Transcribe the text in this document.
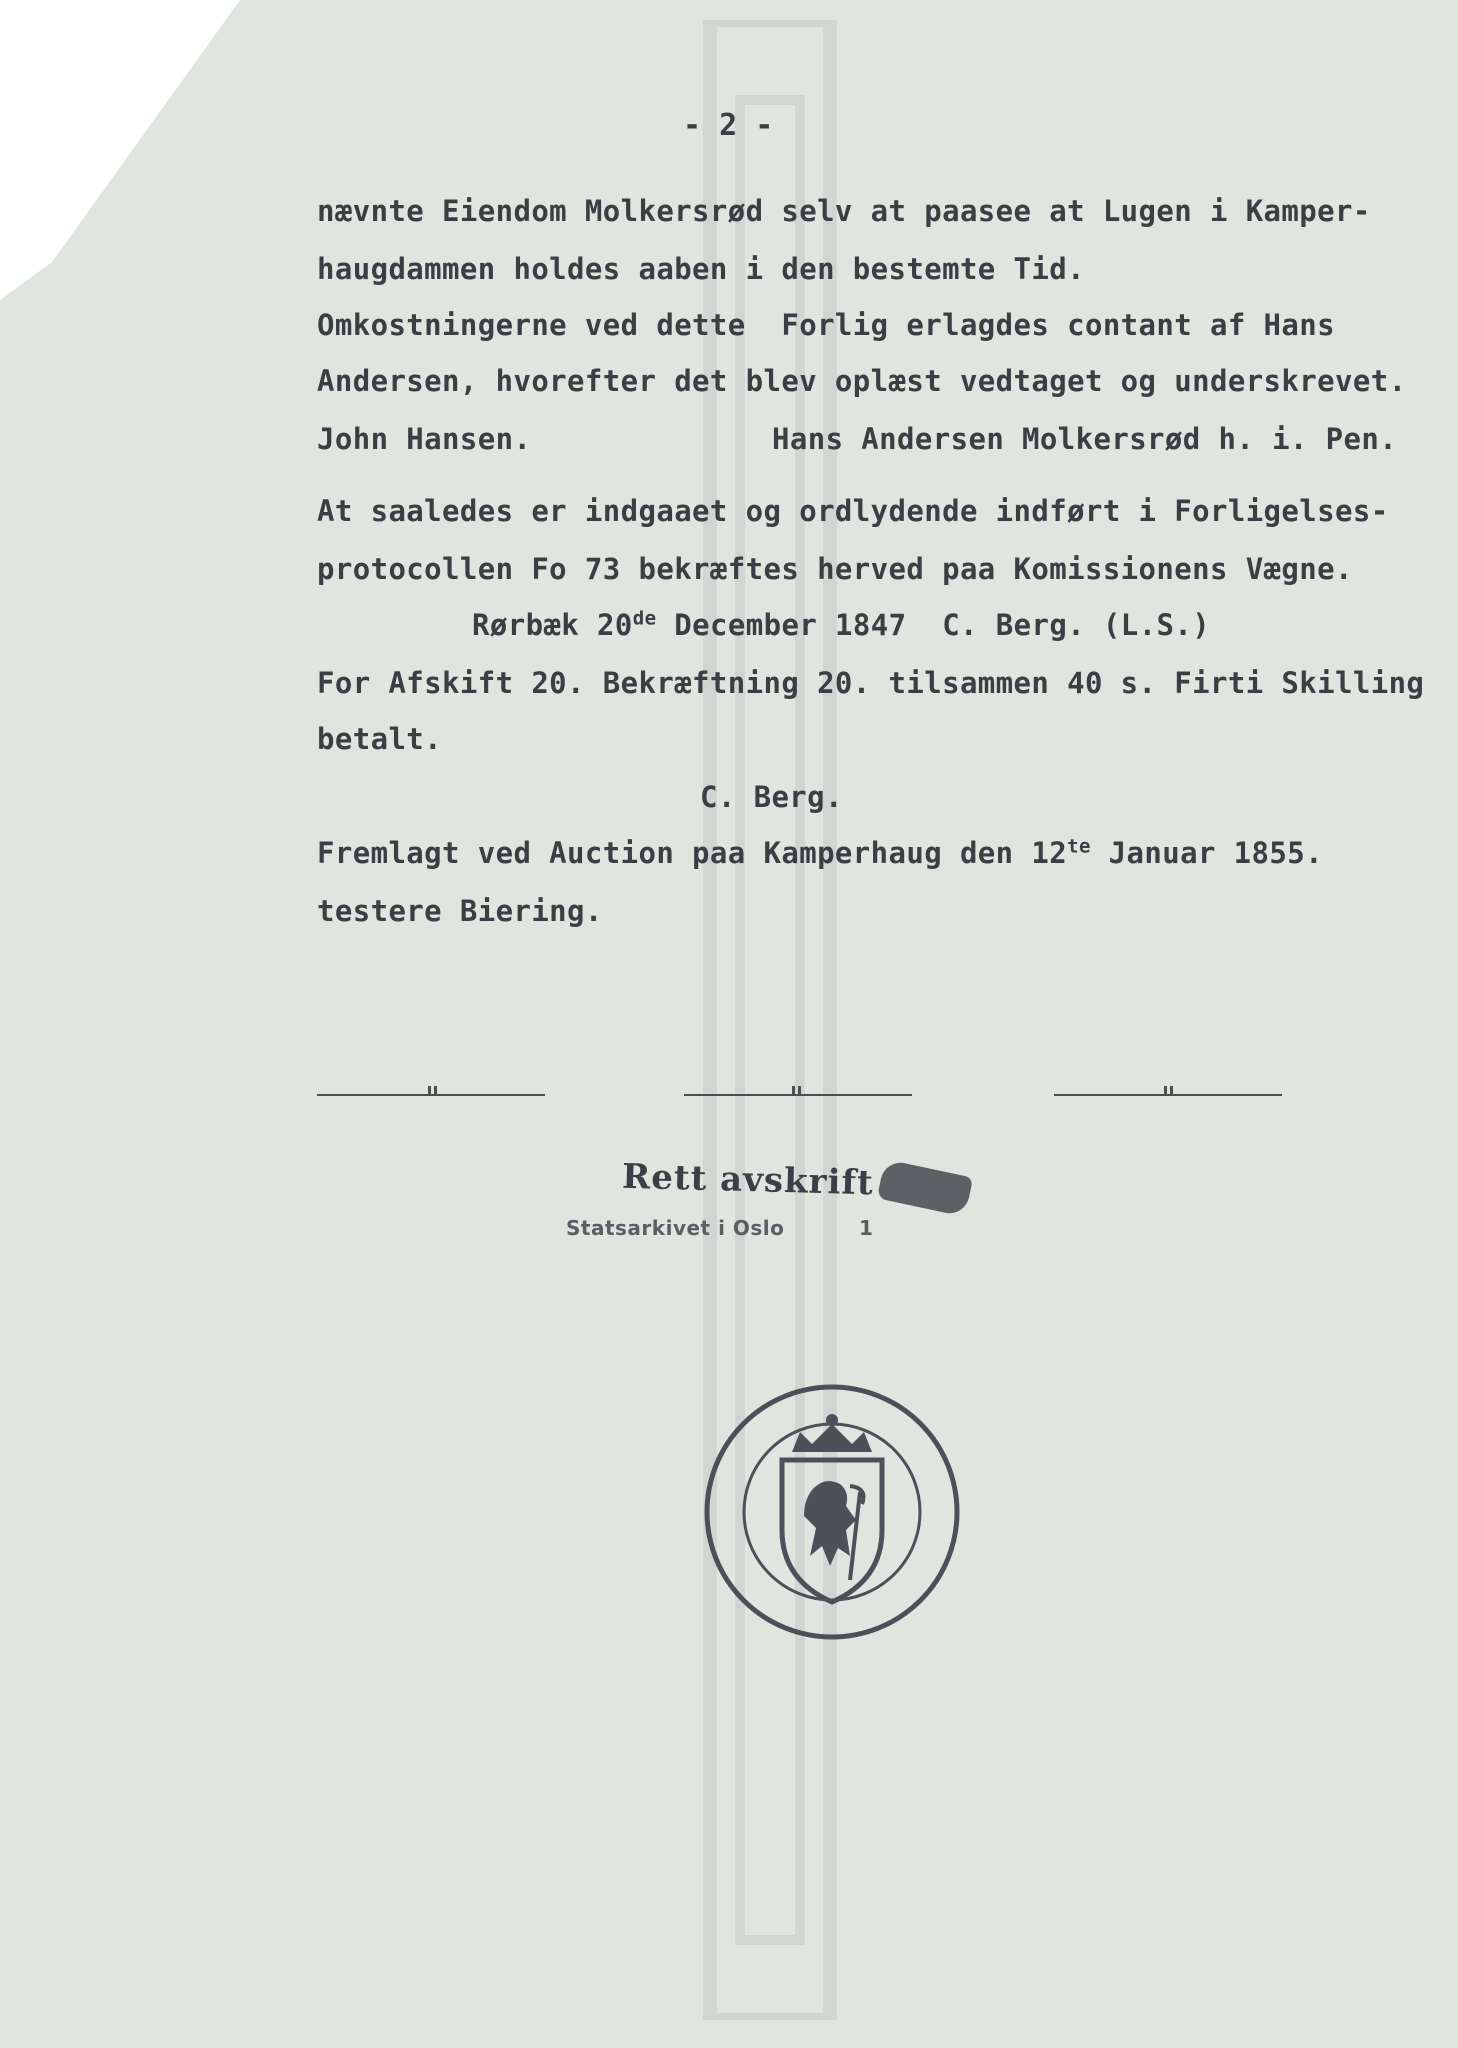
- 2 -
nævnte Eiendom Molkersrød selv at paasee at Lugen i Kamper-
haugdammen holdes aaben i den bestemte Tid.
Omkostningerne ved dette  Forlig erlagdes contant af Hans
Andersen, hvorefter det blev oplæst vedtaget og underskrevet.
John Hansen.	Hans Andersen Molkersrød h. i. Pen.
At saaledes er indgaaet og ordlydende indført i Forligelses-
protocollen Fo 73 bekræftes herved paa Komissionens Vægne.
Rørbæk 20de December 1847  C. Berg. (L.S.)
For Afskift 20. Bekræftning 20. tilsammen 40 s. Firti Skilling
betalt.
C. Berg.
Fremlagt ved Auction paa Kamperhaug den $12^{te}$ Januar 1855.
testere Biering.
Rett avskrift
Statsarkivet i Oslo	1
